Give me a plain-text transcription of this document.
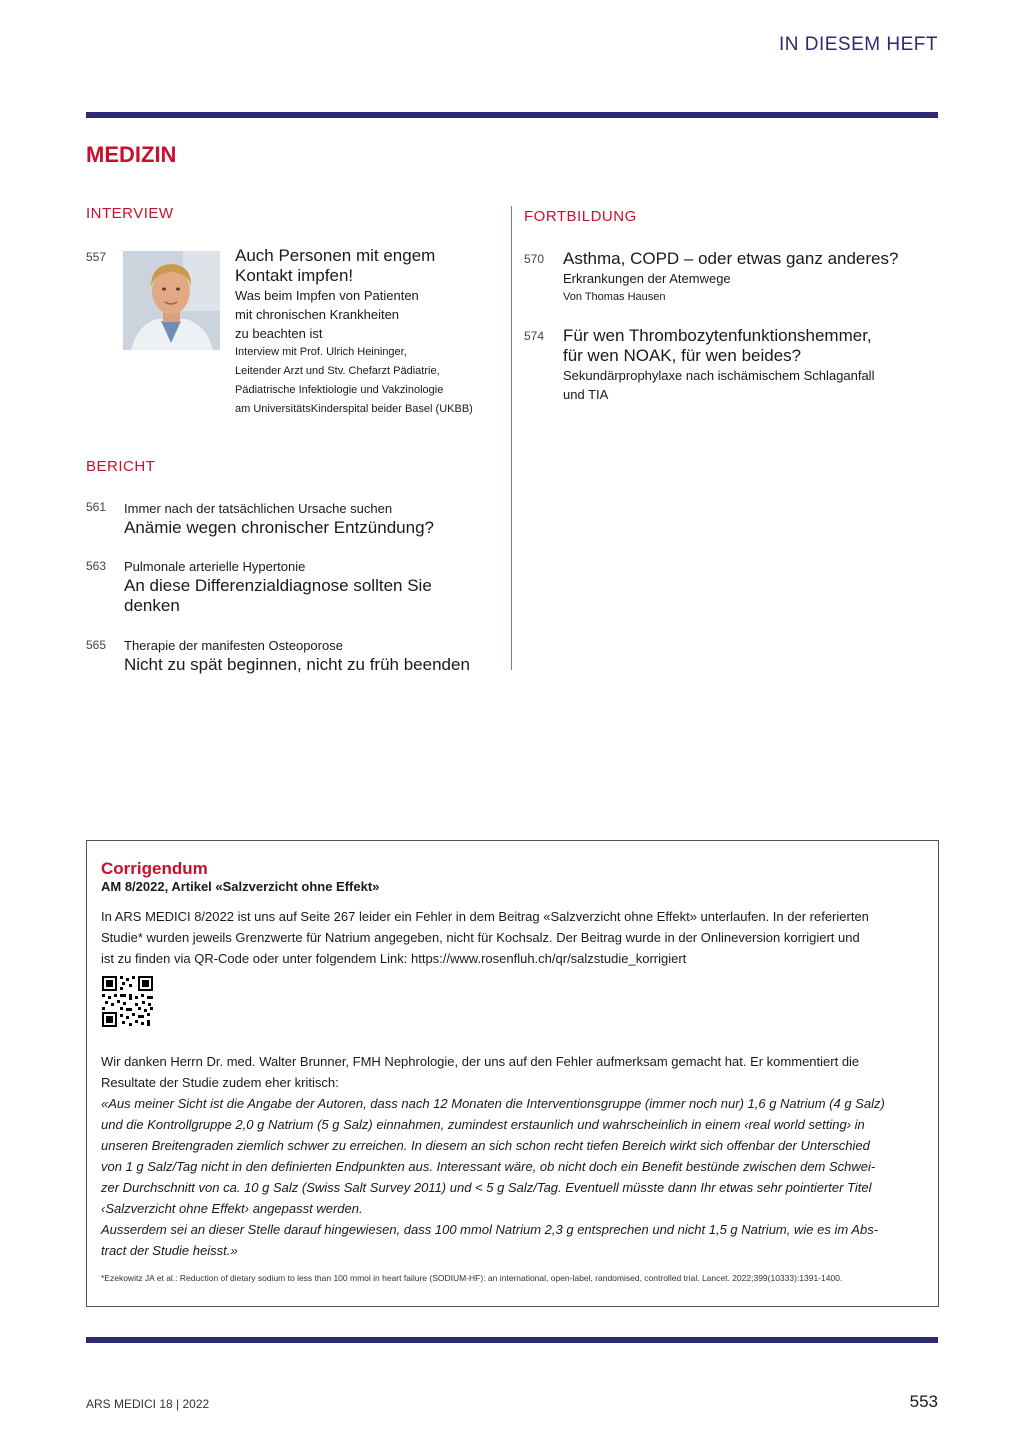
IN DIESEM HEFT
MEDIZIN
INTERVIEW
557	Auch Personen mit engem
Kontakt impfen!
Was beim Impfen von Patienten
mit chronischen Krankheiten
zu beachten ist
Interview mit Prof. Ulrich Heininger,
Leitender Arzt und Stv. Chefarzt Pädiatrie,
Pädiatrische Infektiologie und Vakzinologie
am UniversitätsKinderspital beider Basel (UKBB)
BERICHT
561 Immer nach der tatsächlichen Ursache suchen
Anämie wegen chronischer Entzündung?
563 Pulmonale arterielle Hypertonie
An diese Differenzialdiagnose sollten Sie
denken
565 Therapie der manifesten Osteoporose
Nicht zu spät beginnen, nicht zu früh beenden
FORTBILDUNG
570 Asthma, COPD – oder etwas ganz anderes?
Erkrankungen der Atemwege
Von Thomas Hausen
574 Für wen Thrombozytenfunktionshemmer,
für wen NOAK, für wen beides?
Sekundärprophylaxe nach ischämischem Schlaganfall
und TIA
Corrigendum
AM 8/2022, Artikel «Salzverzicht ohne Effekt»
In ARS MEDICI 8/2022 ist uns auf Seite 267 leider ein Fehler in dem Beitrag «Salzverzicht ohne Effekt» unterlaufen. In der referierten
Studie* wurden jeweils Grenzwerte für Natrium angegeben, nicht für Kochsalz. Der Beitrag wurde in der Onlineversion korrigiert und
ist zu finden via QR-Code oder unter folgendem Link: https://www.rosenfluh.ch/qr/salzstudie_korrigiert
Wir danken Herrn Dr. med. Walter Brunner, FMH Nephrologie, der uns auf den Fehler aufmerksam gemacht hat. Er kommentiert die
Resultate der Studie zudem eher kritisch:
«Aus meiner Sicht ist die Angabe der Autoren, dass nach 12 Monaten die Interventionsgruppe (immer noch nur) 1,6 g Natrium (4 g Salz)
und die Kontrollgruppe 2,0 g Natrium (5 g Salz) einnahmen, zumindest erstaunlich und wahrscheinlich in einem ‹real world setting› in
unseren Breitengraden ziemlich schwer zu erreichen. In diesem an sich schon recht tiefen Bereich wirkt sich offenbar der Unterschied
von 1 g Salz/Tag nicht in den definierten Endpunkten aus. Interessant wäre, ob nicht doch ein Benefit bestünde zwischen dem Schwei-
zer Durchschnitt von ca. 10 g Salz (Swiss Salt Survey 2011) und < 5 g Salz/Tag. Eventuell müsste dann Ihr etwas sehr pointierter Titel
‹Salzverzicht ohne Effekt› angepasst werden.
Ausserdem sei an dieser Stelle darauf hingewiesen, dass 100 mmol Natrium 2,3 g entsprechen und nicht 1,5 g Natrium, wie es im Abs-
tract der Studie heisst.»
*Ezekowitz JA et al.: Reduction of dietary sodium to less than 100 mmol in heart failure (SODIUM-HF): an international, open-label, randomised, controlled trial. Lancet. 2022;399(10333):1391-1400.
ARS MEDICI 18 | 2022	553
